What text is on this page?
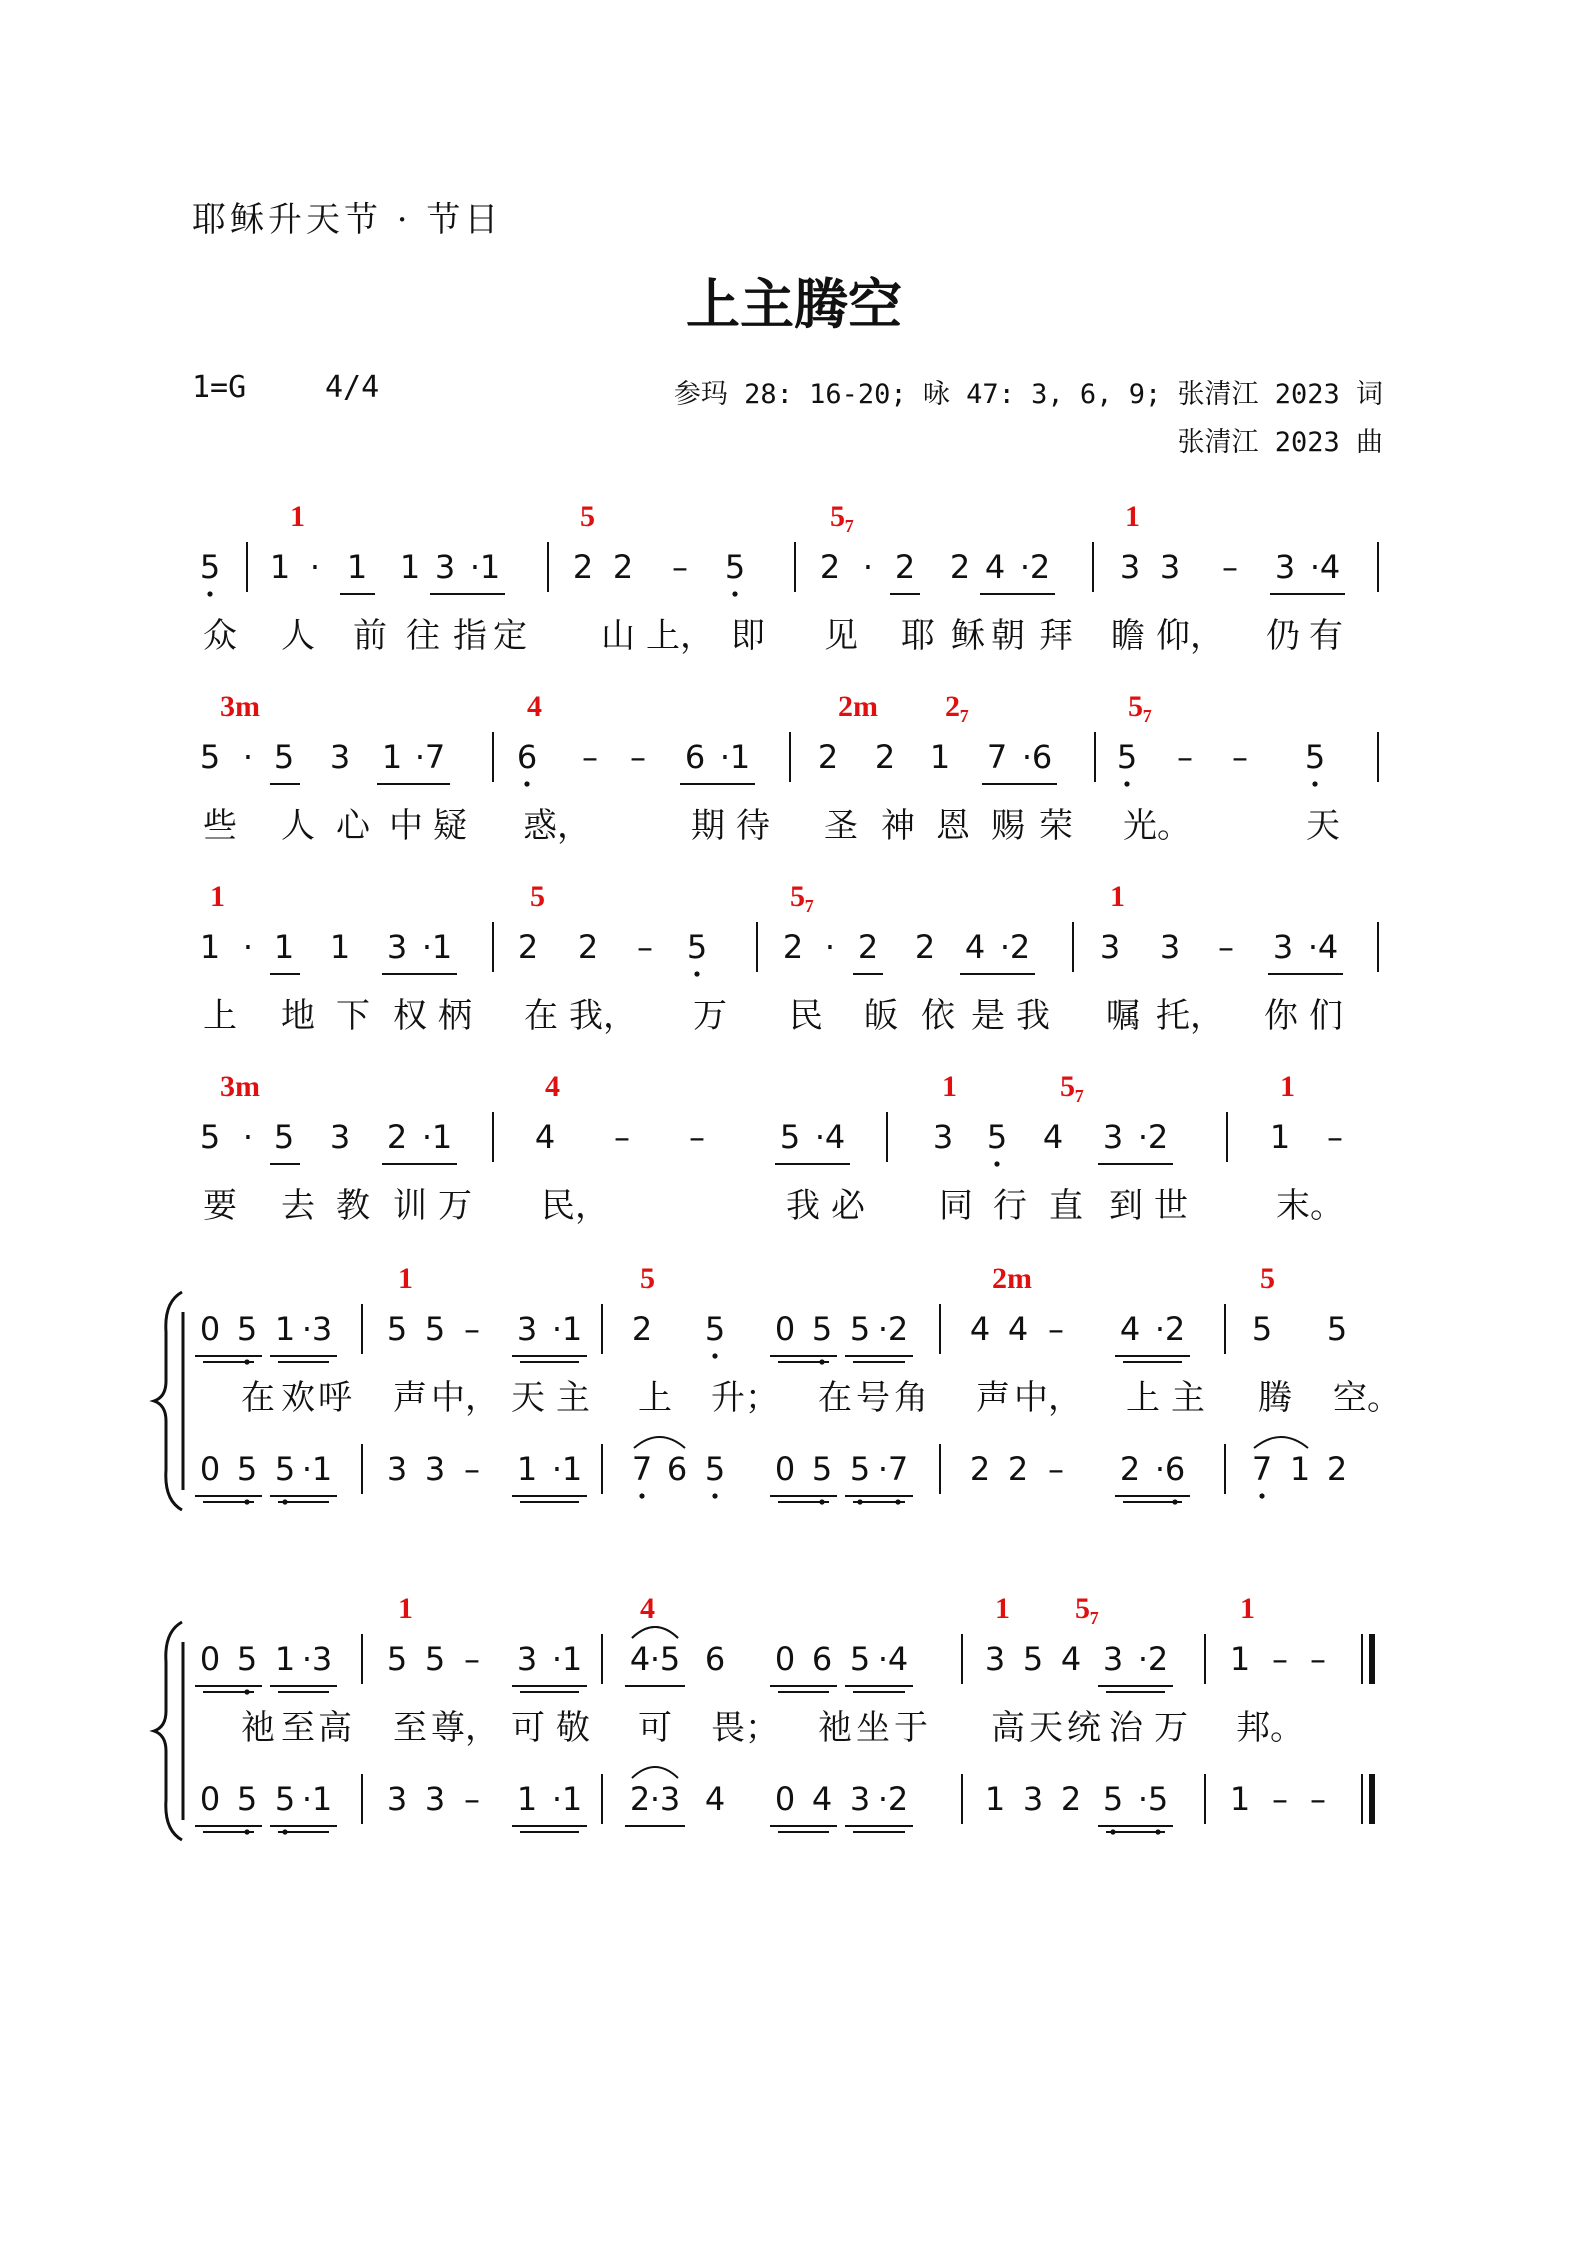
耶稣升天节 · 节日
上主腾空
1=G	4/4	参玛 28: 16-20; 咏 47: 3, 6, 9; 张清江 2023 词
张清江 2023 曲
1	5	5₇	1
5 1 · 1 1 3 · 1 2 2 – 5 2 · 2 2 4 · 2 3 3 – 3 · 4
众 人 前 往 指 定 山 上， 即 见 耶 稣 朝 拜 瞻 仰， 仍 有
3m	4	2m 2₇	5₇
5 · 5 3 1 · 7 6 – – 6 · 1 2 2 1 7 · 6 5 – – 5
些 人 心 中 疑 惑，	期 待 圣 神 恩 赐 荣 光。	天
1	5	5₇	1
1 · 1 1 3 · 1 2 2 – 5 2 · 2 2 4 · 2 3 3 – 3 · 4
上 地 下 权 柄 在 我， 万 民 皈 依 是 我 嘱 托， 你 们
3m	4	1	5₇	1
5 · 5 3 2 · 1	4 – – 5 · 4	3 5 4 3 · 2	1 –
要 去 教 训 万 民，	我 必 同 行 直 到 世	末。
1	5	2m	5
0 5 1 · 3 5 5 – 3 · 1 2 5 0 5 5 · 2 4 4 – 4 · 2 5 5
0 5 5 · 1 3 3 – 1 · 1 7 6 5 0 5 5 · 7 2 2 – 2 · 6 7 1 2
在 欢 呼 声 中， 天 主 上 升； 在 号 角 声 中， 上 主 腾 空。
1	4	1 5₇	1
0 5 1 · 3 5 5 – 3 · 1 4 · 5 6 0 6 5 · 4 3 5 4 3 · 2 1 – –
0 5 5 · 1 3 3 – 1 · 1 2 · 3 4 0 4 3 · 2 1 3 2 5 · 5 1 – –
祂 至 高 至 尊， 可 敬 可 畏； 祂 坐 于 高 天 统 治 万 邦。
